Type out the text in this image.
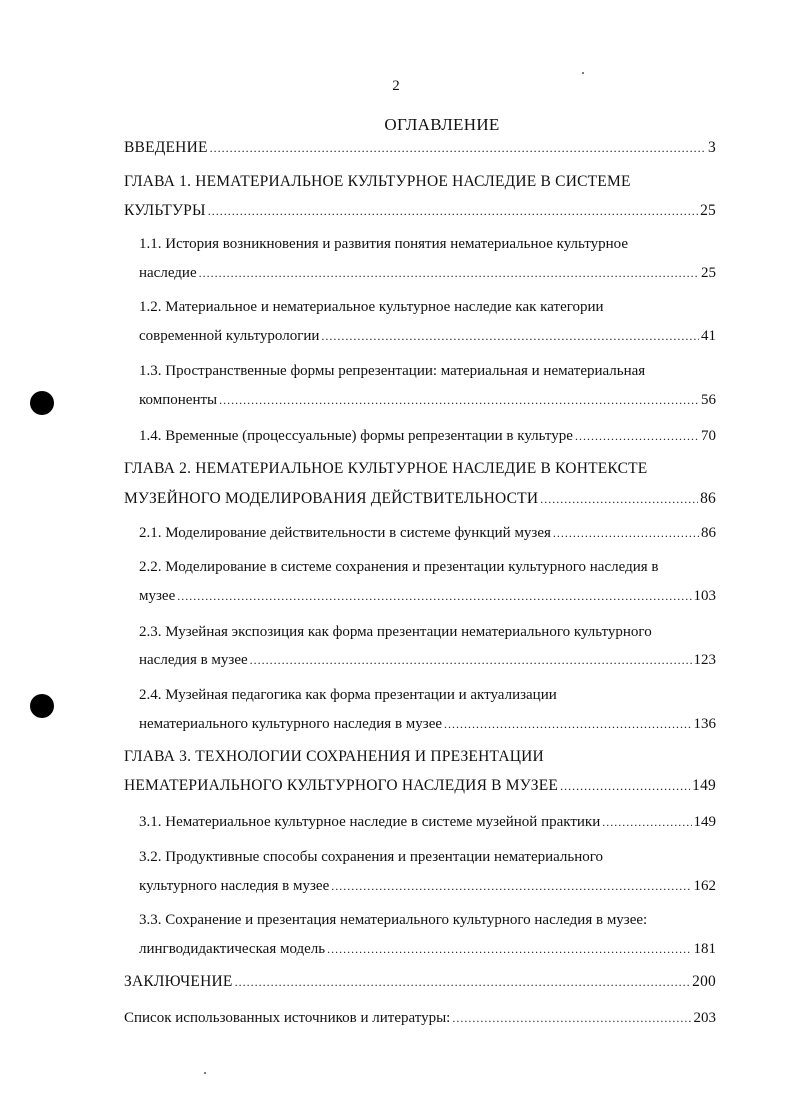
2
ОГЛАВЛЕНИЕ
ВВЕДЕНИЕ .....	3
ГЛАВА 1. НЕМАТЕРИАЛЬНОЕ КУЛЬТУРНОЕ НАСЛЕДИЕ В СИСТЕМЕ
КУЛЬТУРЫ .....	25
1.1. История возникновения и развития понятия нематериальное культурное
наследие .....	25
1.2. Материальное и нематериальное культурное наследие как категории
современной культурологии .....	41
1.3. Пространственные формы репрезентации: материальная и нематериальная
компоненты .....	56
1.4. Временные (процессуальные) формы репрезентации в культуре .....	70
ГЛАВА 2. НЕМАТЕРИАЛЬНОЕ КУЛЬТУРНОЕ НАСЛЕДИЕ В КОНТЕКСТЕ
МУЗЕЙНОГО МОДЕЛИРОВАНИЯ ДЕЙСТВИТЕЛЬНОСТИ .....	86
2.1. Моделирование действительности в системе функций музея .....	86
2.2. Моделирование в системе сохранения и презентации культурного наследия в
музее .....	103
2.3. Музейная экспозиция как форма презентации нематериального культурного
наследия в музее .....	123
2.4. Музейная педагогика как форма презентации и актуализации
нематериального культурного наследия в музее .....	136
ГЛАВА 3. ТЕХНОЛОГИИ СОХРАНЕНИЯ И ПРЕЗЕНТАЦИИ
НЕМАТЕРИАЛЬНОГО КУЛЬТУРНОГО НАСЛЕДИЯ В МУЗЕЕ .....	149
3.1. Нематериальное культурное наследие в системе музейной практики .....	149
3.2. Продуктивные способы сохранения и презентации нематериального
культурного наследия в музее .....	162
3.3. Сохранение и презентация нематериального культурного наследия в музее:
лингводидактическая модель .....	181
ЗАКЛЮЧЕНИЕ .....	200
Список использованных источников и литературы: .....	203
